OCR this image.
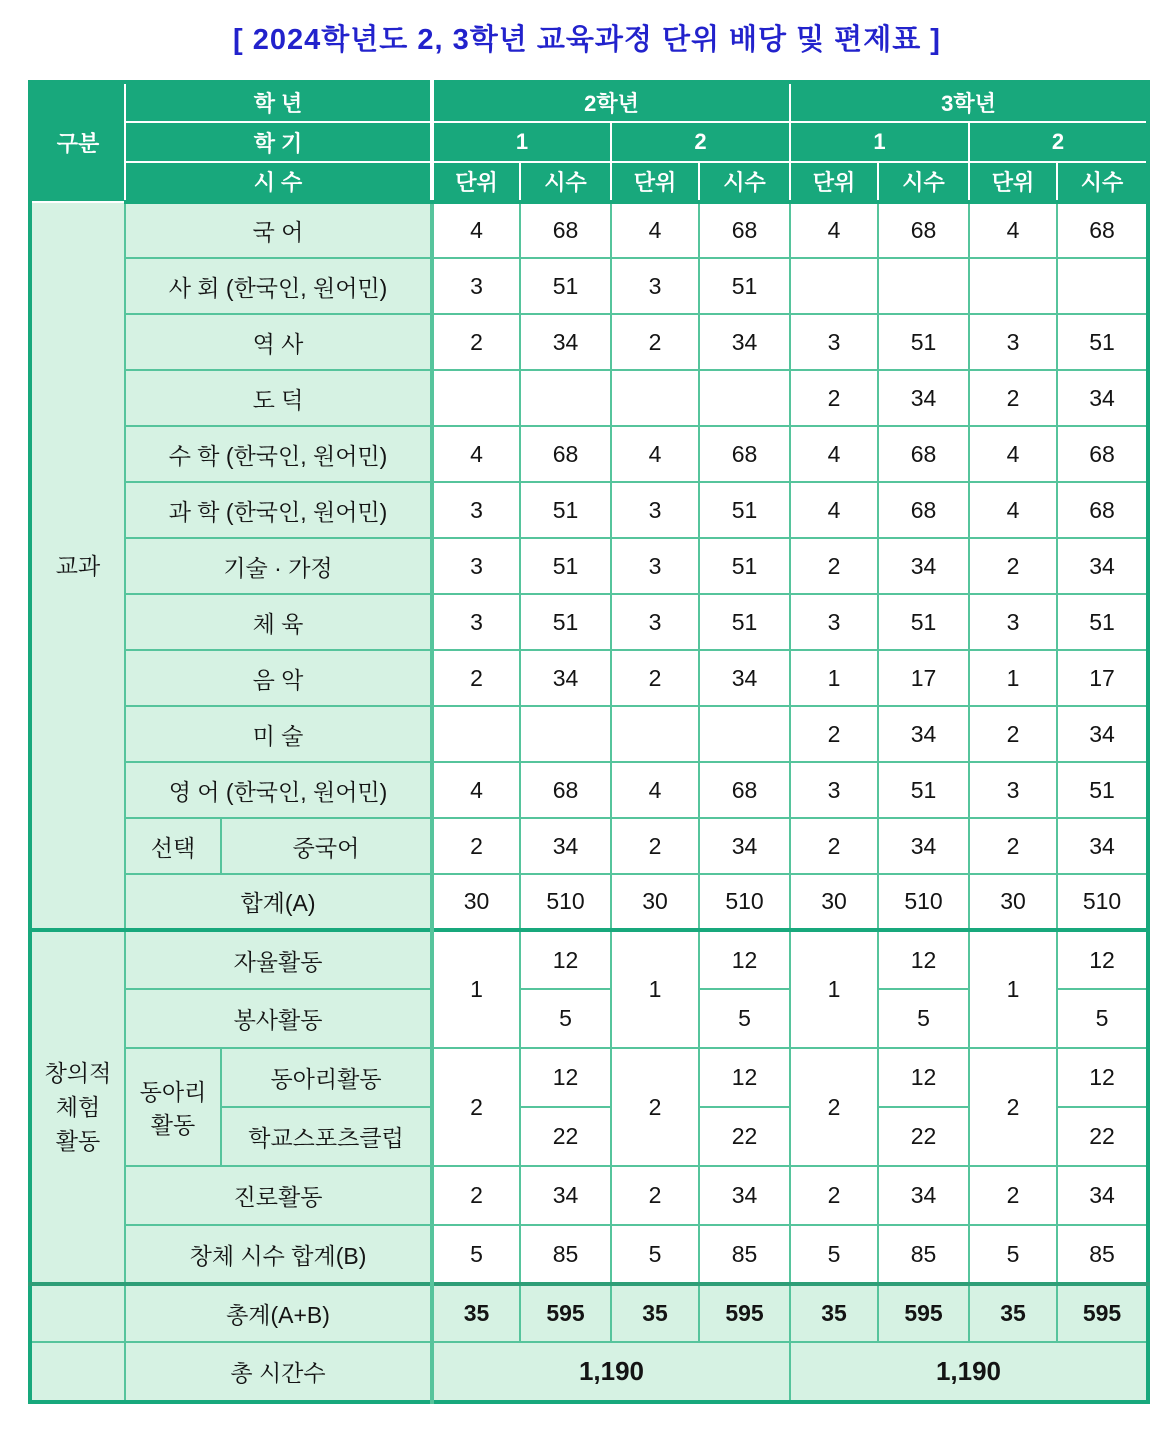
[ 2024학년도 2, 3학년 교육과정 단위 배당 및 편제표 ]
구분	학 년		2학년				3학년			
	학 기		1		2		1		2	
	시 수		단위	시수	단위	시수	단위	시수	단위	시수
교과	국 어		4	68	4	68	4	68	4	68
	사 회 (한국인, 원어민)		3	51	3	51				
	역 사		2	34	2	34	3	51	3	51
	도 덕						2	34	2	34
	수 학 (한국인, 원어민)		4	68	4	68	4	68	4	68
	과 학 (한국인, 원어민)		3	51	3	51	4	68	4	68
	기술 · 가정		3	51	3	51	2	34	2	34
	체 육		3	51	3	51	3	51	3	51
	음 악		2	34	2	34	1	17	1	17
	미 술						2	34	2	34
	영 어 (한국인, 원어민)		4	68	4	68	3	51	3	51
	선택	중국어	2	34	2	34	2	34	2	34
	합계(A)		30	510	30	510	30	510	30	510

창의적
체험
활동	자율활동		1	12	1	12	1	12	1	12
	봉사활동			5		5		5		5

	동아리
활동	동아리활동	2	12	2	12	2	12	2	12
		학교스포츠클럽		22		22		22		22
	진로활동		2	34	2	34	2	34	2	34
	창체 시수 합계(B)		5	85	5	85	5	85	5	85
	총계(A+B)		35	595	35	595	35	595	35	595
	총 시간수		1,190				1,190			
